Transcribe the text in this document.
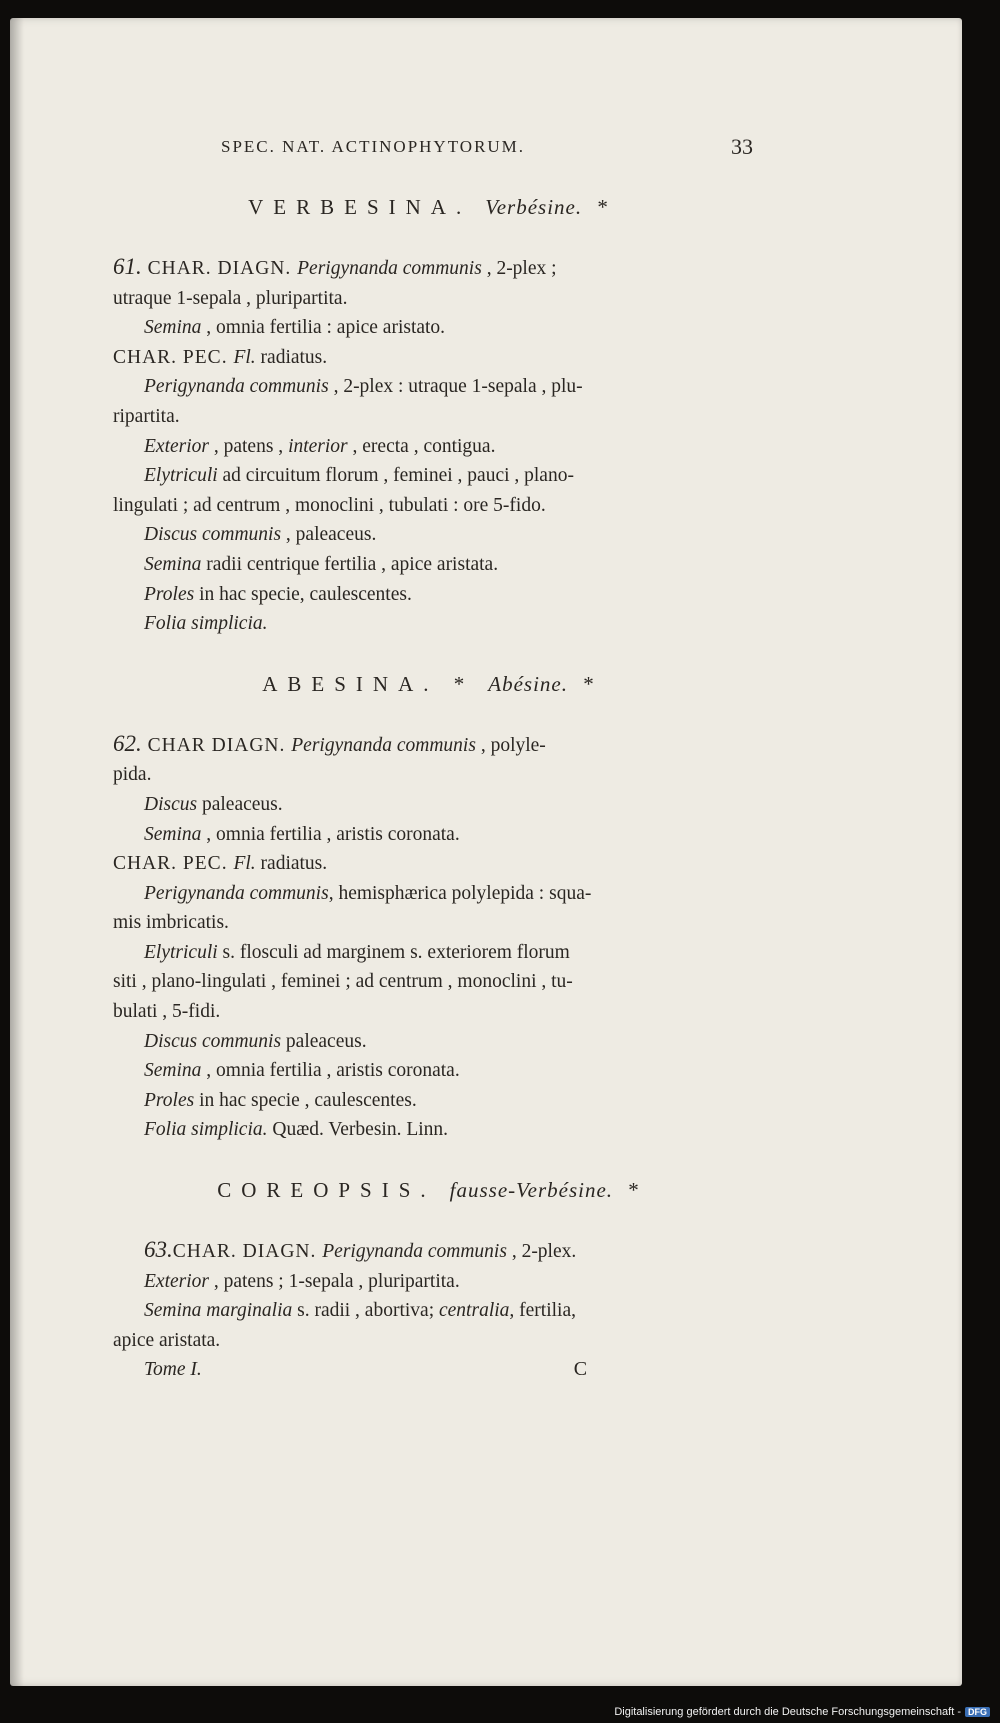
SPEC. NAT. ACTINOPHYTORUM.	33
VERBESINA. Verbésine. *
61. CHAR. DIAGN. Perigynanda communis , 2-plex ;
utraque 1-sepala , pluripartita.
Semina , omnia fertilia : apice aristato.
CHAR. PEC. Fl. radiatus.
Perigynanda communis , 2-plex : utraque 1-sepala , plu-
ripartita.
Exterior , patens , interior , erecta , contigua.
Elytriculi ad circuitum florum , feminei , pauci , plano-
lingulati ; ad centrum , monoclini , tubulati : ore 5-fido.
Discus communis , paleaceus.
Semina radii centrique fertilia , apice aristata.
Proles in hac specie, caulescentes.
Folia simplicia.
ABESINA. * Abésine. *
62. CHAR DIAGN. Perigynanda communis , polyle-
pida.
Discus paleaceus.
Semina , omnia fertilia , aristis coronata.
CHAR. PEC. Fl. radiatus.
Perigynanda communis, hemisphærica polylepida : squa-
mis imbricatis.
Elytriculi s. flosculi ad marginem s. exteriorem florum
siti , plano-lingulati , feminei ; ad centrum , monoclini , tu-
bulati , 5-fidi.
Discus communis paleaceus.
Semina , omnia fertilia , aristis coronata.
Proles in hac specie , caulescentes.
Folia simplicia. Quæd. Verbesin. Linn.
COREOPSIS. fausse-Verbésine. *
63.CHAR. DIAGN. Perigynanda communis , 2-plex.
Exterior , patens ; 1-sepala , pluripartita.
Semina marginalia s. radii , abortiva; centralia, fertilia,
apice aristata.
Tome I.	C
Digitalisierung gefördert durch die Deutsche Forschungsgemeinschaft - DFG
